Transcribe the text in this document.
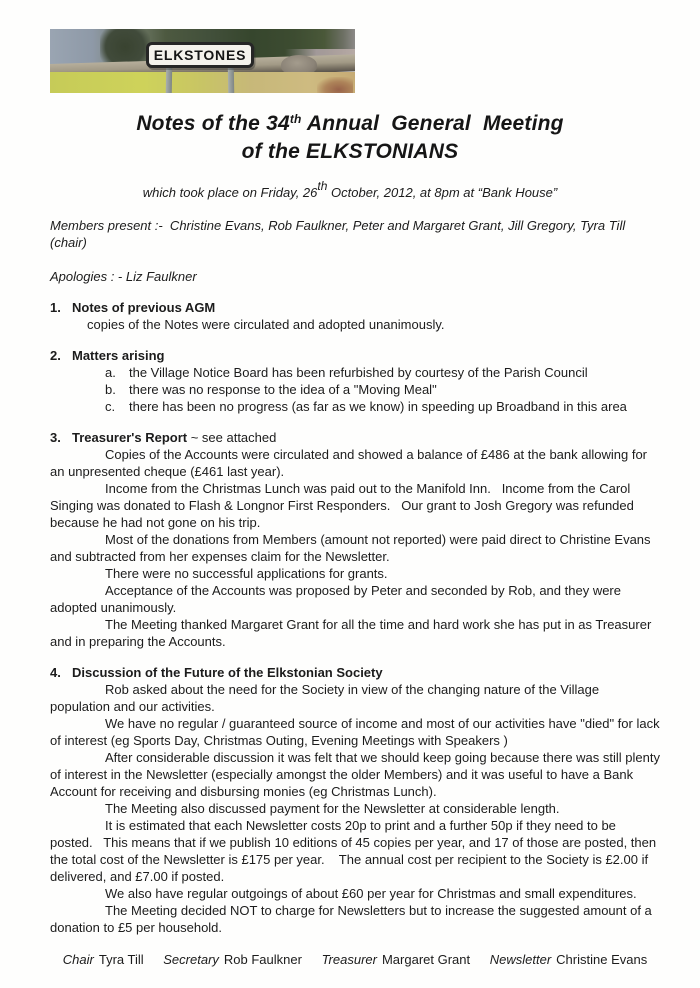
ELKSTONES
Notes of the 34th Annual  General  Meeting
of the ELKSTONIANS
which took place on Friday, 26th October, 2012, at 8pm at “Bank House”
Members present :-  Christine Evans, Rob Faulkner, Peter and Margaret Grant, Jill Gregory, Tyra Till (chair)
Apologies : - Liz Faulkner
1. Notes of previous AGM

copies of the Notes were circulated and adopted unanimously.

2. Matters arising
a.	the Village Notice Board has been refurbished by courtesy of the Parish Council
b.	there was no response to the idea of a "Moving Meal"
c.	there has been no progress (as far as we know) in speeding up Broadband in this area
3. Treasurer's Report ~ see attached

Copies of the Accounts were circulated and showed a balance of £486 at the bank allowing for an unpresented cheque (£461 last year).

Income from the Christmas Lunch was paid out to the Manifold Inn.   Income from the Carol Singing was donated to Flash & Longnor First Responders.   Our grant to Josh Gregory was refunded because he had not gone on his trip.

Most of the donations from Members (amount not reported) were paid direct to Christine Evans and subtracted from her expenses claim for the Newsletter.

There were no successful applications for grants.

Acceptance of the Accounts was proposed by Peter and seconded by Rob, and they were adopted unanimously.

The Meeting thanked Margaret Grant for all the time and hard work she has put in as Treasurer and in preparing the Accounts.

4. Discussion of the Future of the Elkstonian Society

Rob asked about the need for the Society in view of the changing nature of the Village population and our activities.

We have no regular / guaranteed source of income and most of our activities have "died" for lack of interest (eg Sports Day, Christmas Outing, Evening Meetings with Speakers )

After considerable discussion it was felt that we should keep going because there was still plenty of interest in the Newsletter (especially amongst the older Members) and it was useful to have a Bank Account for receiving and disbursing monies (eg Christmas Lunch).

The Meeting also discussed payment for the Newsletter at considerable length.

It is estimated that each Newsletter costs 20p to print and a further 50p if they need to be posted.   This means that if we publish 10 editions of 45 copies per year, and 17 of those are posted, then the total cost of the Newsletter is £175 per year.    The annual cost per recipient to the Society is £2.00 if delivered, and £7.00 if posted.

We also have regular outgoings of about £60 per year for Christmas and small expenditures.

The Meeting decided NOT to charge for Newsletters but to increase the suggested amount of a donation to £5 per household.

Chair Tyra Till Secretary Rob Faulkner Treasurer Margaret Grant Newsletter Christine Evans
